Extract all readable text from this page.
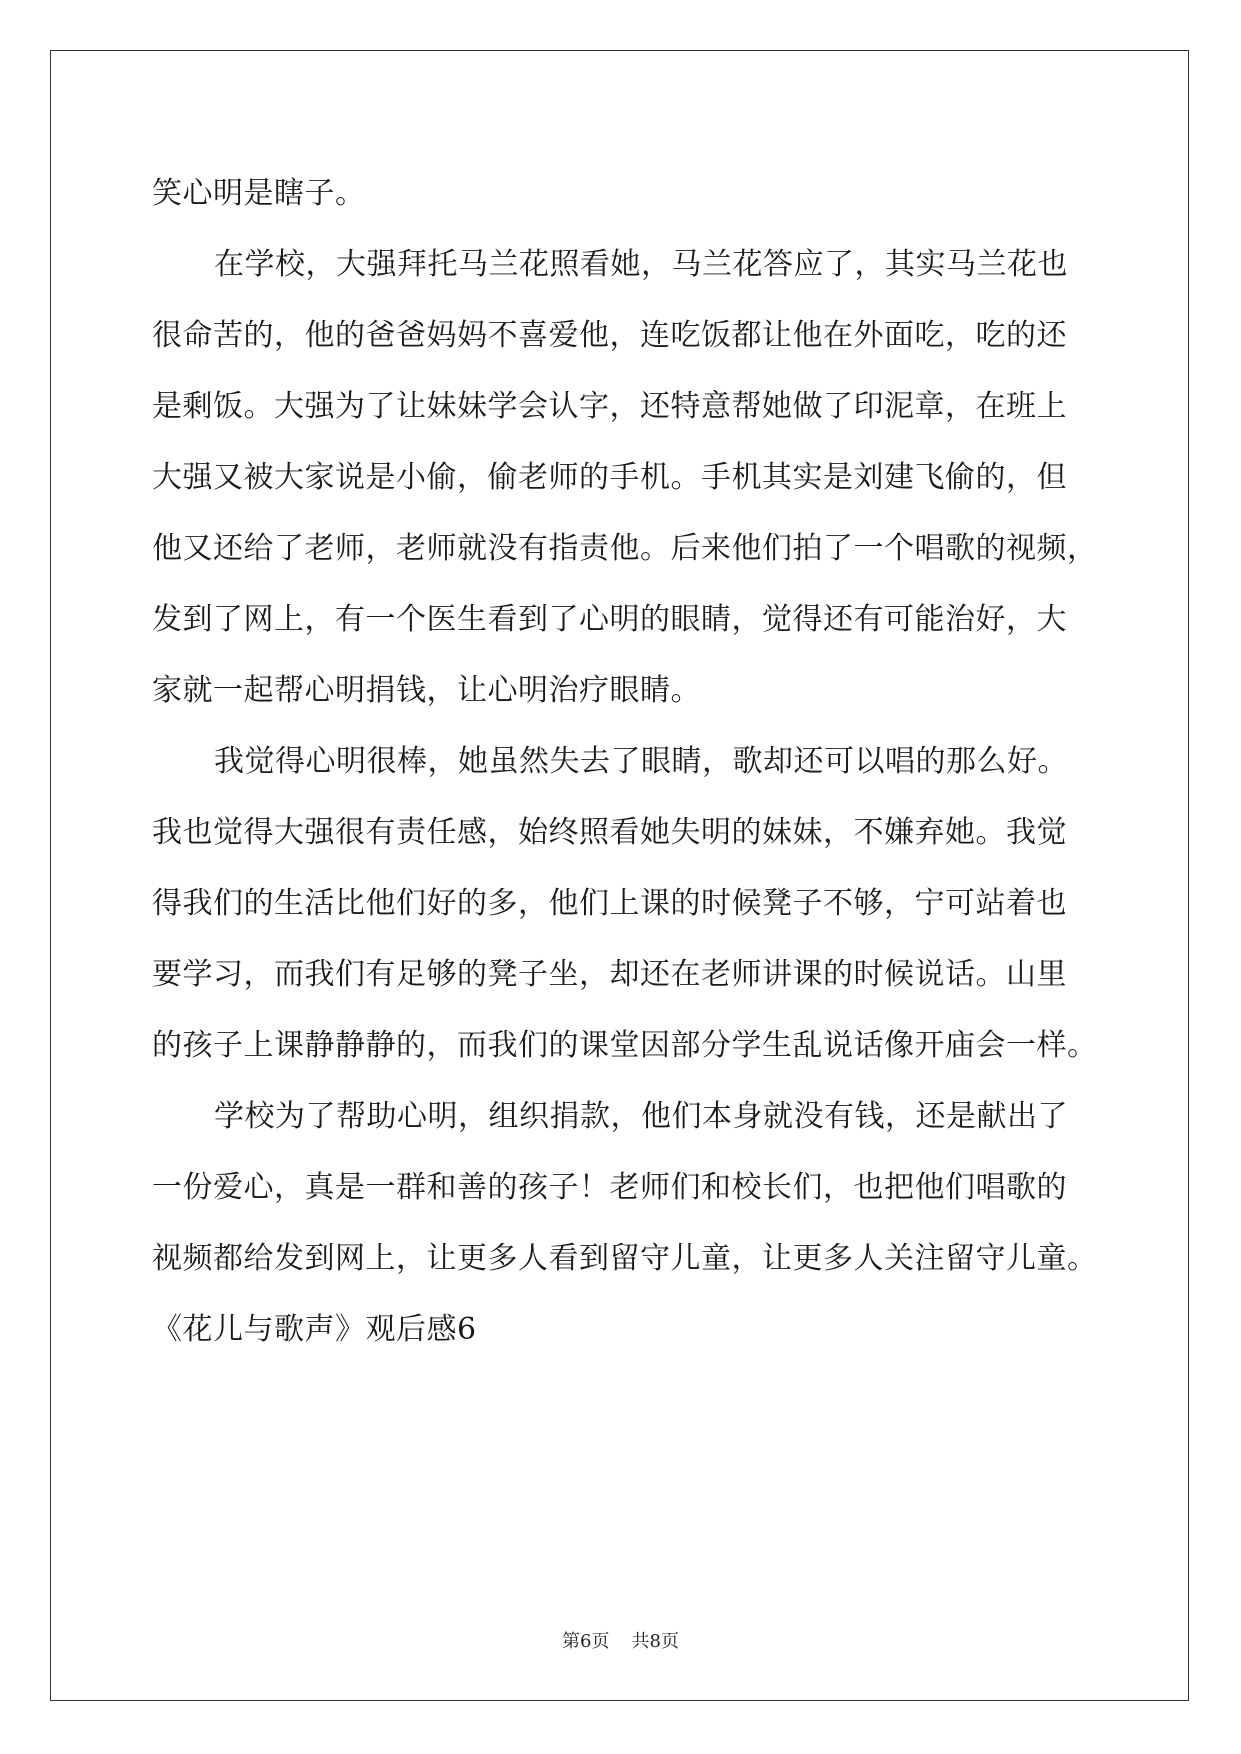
笑心明是瞎子。
在学校，大强拜托马兰花照看她，马兰花答应了，其实马兰花也
很命苦的，他的爸爸妈妈不喜爱他，连吃饭都让他在外面吃，吃的还
是剩饭。大强为了让妹妹学会认字，还特意帮她做了印泥章，在班上
大强又被大家说是小偷，偷老师的手机。手机其实是刘建飞偷的，但
他又还给了老师，老师就没有指责他。后来他们拍了一个唱歌的视频，
发到了网上，有一个医生看到了心明的眼睛，觉得还有可能治好，大
家就一起帮心明捐钱，让心明治疗眼睛。
我觉得心明很棒，她虽然失去了眼睛，歌却还可以唱的那么好。
我也觉得大强很有责任感，始终照看她失明的妹妹，不嫌弃她。我觉
得我们的生活比他们好的多，他们上课的时候凳子不够，宁可站着也
要学习，而我们有足够的凳子坐，却还在老师讲课的时候说话。山里
的孩子上课静静静的，而我们的课堂因部分学生乱说话像开庙会一样。
学校为了帮助心明，组织捐款，他们本身就没有钱，还是献出了
一份爱心，真是一群和善的孩子！老师们和校长们，也把他们唱歌的
视频都给发到网上，让更多人看到留守儿童，让更多人关注留守儿童。
《花儿与歌声》观后感6
第6页 共8页
